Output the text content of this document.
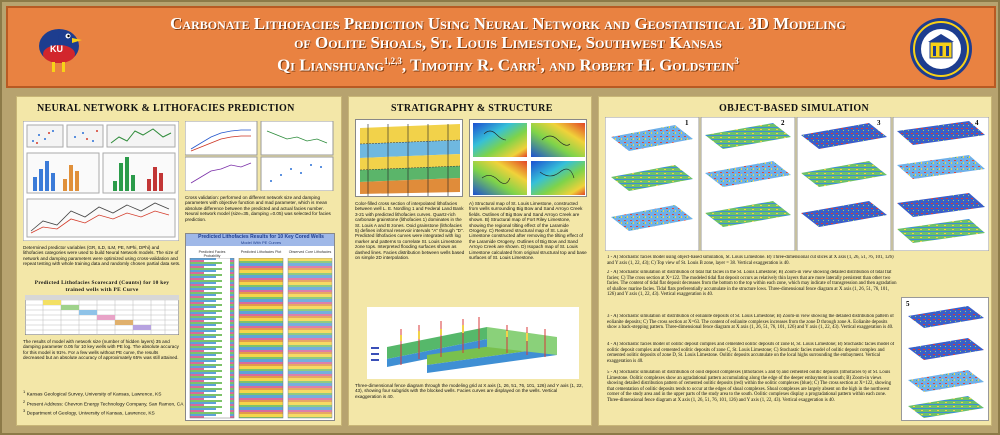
KU
Carbonate Lithofacies Prediction Using Neural Network and Geostatistical 3D Modeling
of Oolite Shoals, St. Louis Limestone, Southwest Kansas
Qi Lianshuang$^{1,2,3}$, Timothy R. Carr$^1$, and Robert H. Goldstein$^3$
NEURAL NETWORK & LITHOFACIES PREDICTION
Determined predictor variables (GR, ILD, ILM, PE, NPhi, DPhi) and lithofacies categories were used to build Neural Network models. The size of network and damping parameters were optimized using cross-validation and repeat testing with whole training data and randomly chosen partial data sets.
Predicted Lithofacies Scorecard (Counts) for 10 key trained wells with PE Curve
The results of model with network size (number of hidden layers) 35 and damping parameter 0.05 for 10 key wells with PE log. The absolute accuracy for this model is 91%. For a few wells without PE curve, the results decreased but an absolute accuracy of approximately 65% was still attained.
$^1$ Kansas Geological Survey, University of Kansas, Lawrence, KS
$^2$ Present Address: Chevron Energy Technology Company, San Ramon, CA
$^3$ Department of Geology, University of Kansas, Lawrence, KS
Cross validation: performed on different network size and damping parameters with objective function and mad parameter, which is mean absolute difference between the predicted and actual facies number. Neural network model (size=35, damping =0.05) was selected for facies prediction.
Predicted Lithofacies Results for 10 Key Cored Wells
Model With PE Curves
Predicted Facies Probability
Predicted Lithofacies Plot	Observed Core Lithofacies
STRATIGRAPHY & STRUCTURE
Color-filled cross section of interpolated lithofacies between well L. E. Nordling 1 and Federal Land Bank 3-21 with predicted lithofacies curves. Quartz-rich carbonate grainstone (lithofacies 1) dominates in the St. Louis A and B zones. Ooid grainstone (lithofacies 5) defines informal reservoir intervals "A" through "D". Predicted lithofacies curves were integrated with log marker and patterns to correlate St. Louis Limestone zone tops. Interpreted flooding surfaces shown as dashed lines. Facies distribution between wells based on simple 2D interpolation.
A) Structural map of St. Louis Limestone, constructed from wells surrounding Big Bow and Sand Arroyo Creek fields. Outlines of Big Bow and Sand Arroyo Creek are shown. B) Structural map of Fort Riley Limestone, showing the regional tilting effect of the Laramide Orogeny. C) Restored structural map of St. Louis Limestone constructed after removing the tilting effect of the Laramide Orogeny. Outlines of Big Bow and Sand Arroyo Creek are shown. D) Isopach map of St. Louis Limestone calculated from original structural top and base surfaces of St. Louis Limestone.
Three-dimensional fence diagram through the modeling grid at X axis (1, 26, 51, 76, 101, 126) and Y axis (1, 22, 43), showing four subgrids with the blocked wells. Facies curves are displayed on the wells. Vertical exaggeration is 40.
OBJECT-BASED SIMULATION
1	2	3	4
1 - A) Stochastic facies model using object-based simulation, St. Louis Limestone. B) Three-dimensional cut slices at X axis (1, 26, 51, 76, 101, 126) and Y axis (1, 22, 43); C) Top view of St. Louis B zone, layer = 38. Vertical exaggeration is 40.
2 - A) Stochastic simulation of distribution of tidal flat facies in the St. Louis Limestone; B) Zoom-in view showing detailed distribution of tidal flat facies; C) The cross section at X=122. The modeled tidal flat deposit occurs as relatively thin layers that are more laterally persistent than other two facies. The content of tidal flat deposit decreases from the bottom to the top within each zone, which may indicate of transgression and then agradation of shallow marine facies. Tidal flats preferentially accumulate in the structure lows. Three-dimensional fence diagram at X axis (1, 26, 51, 76, 101, 126) and Y axis (1, 22, 43). Vertical exaggeration is 40.
3 - A) Stochastic simulation of distribution of eolianite deposits of St. Louis Limestone; B) Zoom-in view showing the detailed distribution pattern of eolianite deposits; C) The cross section at X=63. The content of eolianite complexes increases from the zone D through zone A. Eolianite deposits show a back-stepping pattern. Three-dimensional fence diagram at X axis (1, 26, 51, 76, 101, 126) and Y axis (1, 22, 43). Vertical exaggeration is 40.
4 - A) Stochastic facies model of oolitic deposit complex and cemented oolitic deposits of zone B, St. Louis Limestone; B) Stochastic facies model of oolitic deposit complex and cemented oolitic deposits of zone C, St. Louis Limestone; C) Stochastic facies model of oolitic deposit complex and cemented oolitic deposits of zone D, St. Louis Limestone. Oolitic deposits accumulate on the local highs surrounding the embayment. Vertical exaggeration is 40.
5 - A) Stochastic simulation of distribution of ooid deposit complexes (lithofacies 5 and 6) and cemented oolitic deposits (lithofacies 6) of St. Louis Limestone. Oolitic complexes show an agradational pattern accumulating along the edge of the deeper embayment in south; B) Zoom-in views showing detailed distribution pattern of cemented oolitic deposits (red) within the oolitic complexes (blue); C) The cross section at X=122, showing that cementation of oolitic deposits tends to occur at the edges of shoal complexes. Shoal complexes are largely absent on the high in the northwest corner of the study area and in the upper parts of the study area to the south. Oolitic complexes display a progradational pattern within each zone. Three-dimensional fence diagram at X axis (1, 26, 51, 76, 101, 126) and Y axis (1, 22, 43). Vertical exaggeration is 40.
5
